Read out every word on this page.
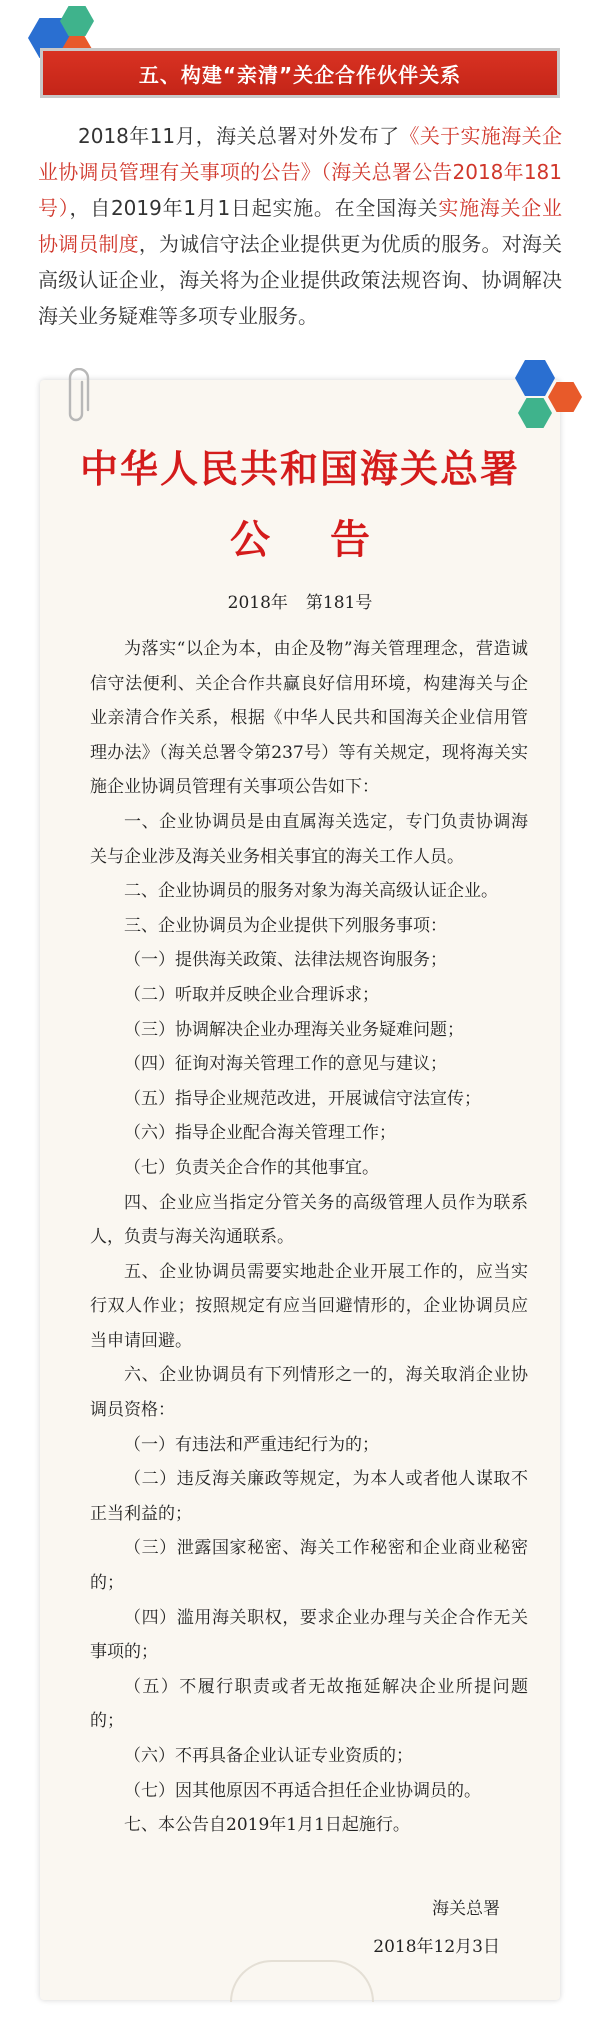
五、构建“亲清”关企合作伙伴关系

2018年11月，海关总署对外发布了《关于实施海关企业协调员管理有关事项的公告》（海关总署公告2018年181号），自2019年1月1日起实施。在全国海关实施海关企业协调员制度，为诚信守法企业提供更为优质的服务。对海关高级认证企业，海关将为企业提供政策法规咨询、协调解决海关业务疑难等多项专业服务。

中华人民共和国海关总署
公告
2018年 第181号

为落实“以企为本，由企及物”海关管理理念，营造诚信守法便利、关企合作共赢良好信用环境，构建海关与企业亲清合作关系，根据《中华人民共和国海关企业信用管理办法》（海关总署令第237号）等有关规定，现将海关实施企业协调员管理有关事项公告如下：

一、企业协调员是由直属海关选定，专门负责协调海关与企业涉及海关业务相关事宜的海关工作人员。

二、企业协调员的服务对象为海关高级认证企业。

三、企业协调员为企业提供下列服务事项：

（一）提供海关政策、法律法规咨询服务；

（二）听取并反映企业合理诉求；

（三）协调解决企业办理海关业务疑难问题；

（四）征询对海关管理工作的意见与建议；

（五）指导企业规范改进，开展诚信守法宣传；

（六）指导企业配合海关管理工作；

（七）负责关企合作的其他事宜。

四、企业应当指定分管关务的高级管理人员作为联系人，负责与海关沟通联系。

五、企业协调员需要实地赴企业开展工作的，应当实行双人作业；按照规定有应当回避情形的，企业协调员应当申请回避。

六、企业协调员有下列情形之一的，海关取消企业协调员资格：

（一）有违法和严重违纪行为的；

（二）违反海关廉政等规定，为本人或者他人谋取不正当利益的；

（三）泄露国家秘密、海关工作秘密和企业商业秘密的；

（四）滥用海关职权，要求企业办理与关企合作无关事项的；

（五）不履行职责或者无故拖延解决企业所提问题的；

（六）不再具备企业认证专业资质的；

（七）因其他原因不再适合担任企业协调员的。

七、本公告自2019年1月1日起施行。

海关总署
2018年12月3日
